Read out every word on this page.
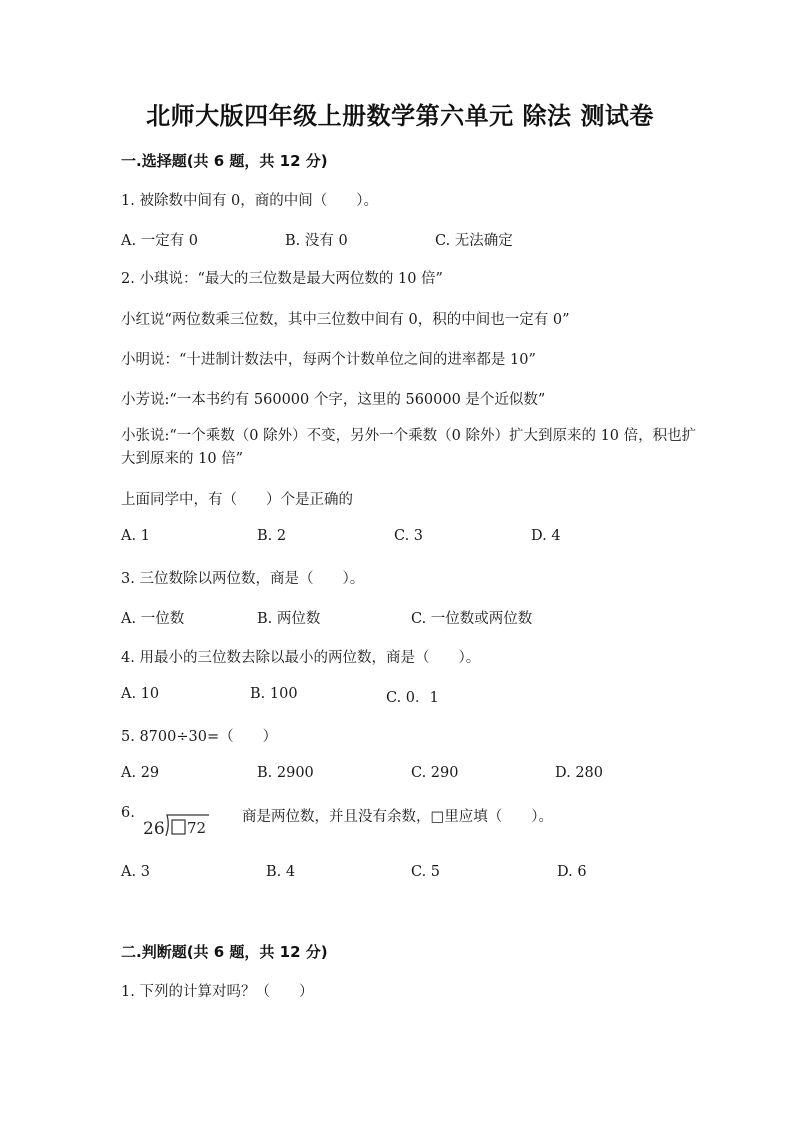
北师大版四年级上册数学第六单元 除法 测试卷
一.选择题(共 6 题，共 12 分)
1. 被除数中间有 0，商的中间（　　）。
A. 一定有 0	B. 没有 0	C. 无法确定
2. 小琪说：“最大的三位数是最大两位数的 10 倍”
小红说“两位数乘三位数，其中三位数中间有 0，积的中间也一定有 0”
小明说：“十进制计数法中，每两个计数单位之间的进率都是 10”
小芳说:“一本书约有 560000 个字，这里的 560000 是个近似数”
小张说:“一个乘数（0 除外）不变，另外一个乘数（0 除外）扩大到原来的 10 倍，积也扩大到原来的 10 倍”
上面同学中，有（　　）个是正确的
A. 1	B. 2	C. 3	D. 4
3. 三位数除以两位数，商是（　　）。
A. 一位数	B. 两位数	C. 一位数或两位数
4. 用最小的三位数去除以最小的两位数，商是（　　）。
A. 10	B. 100	C. 0．1
5. 8700÷30=（　　）
A. 29	B. 2900	C. 290	D. 280
6.
26 72
商是两位数，并且没有余数，□里应填（　　）。
A. 3	B. 4	C. 5	D. 6
二.判断题(共 6 题，共 12 分)
1. 下列的计算对吗？（　　）
